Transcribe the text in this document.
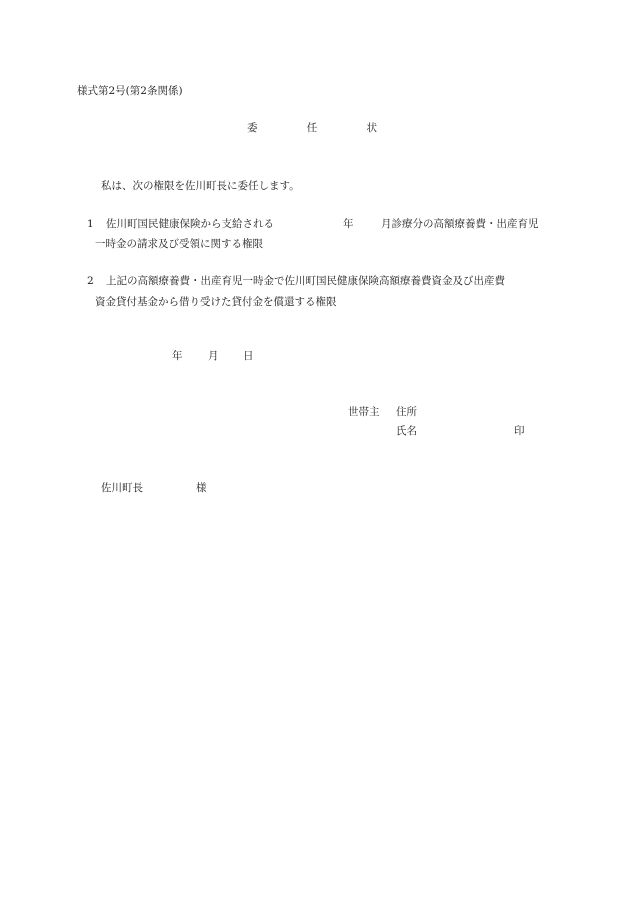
様式第2号(第2条関係)
委	任	状
私は、次の権限を佐川町長に委任します。
1 佐川町国民健康保険から支給される	年	月診療分の高額療養費・出産育児
一時金の請求及び受領に関する権限
2 上記の高額療養費・出産育児一時金で佐川町国民健康保険高額療養費資金及び出産費
資金貸付基金から借り受けた貸付金を償還する権限
年 月 日
世帯主 住所
氏名	印
佐川町長	様
